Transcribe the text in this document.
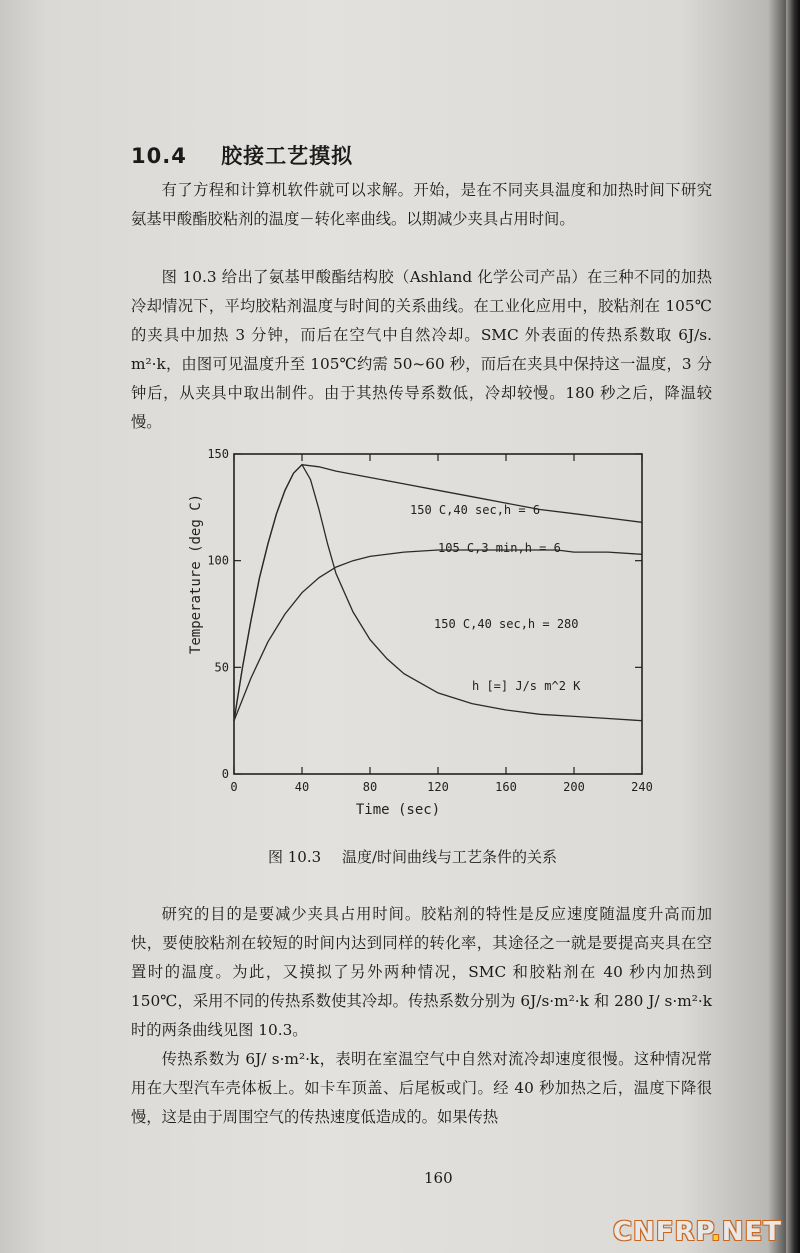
10.4 胶接工艺摸拟

有了方程和计算机软件就可以求解。开始，是在不同夹具温度和加热时间下研究氨基甲酸酯胶粘剂的温度－转化率曲线。以期减少夹具占用时间。

图 10.3 给出了氨基甲酸酯结构胶（Ashland 化学公司产品）在三种不同的加热冷却情况下，平均胶粘剂温度与时间的关系曲线。在工业化应用中，胶粘剂在 105℃的夹具中加热 3 分钟，而后在空气中自然冷却。SMC 外表面的传热系数取 6J/s. m²·k，由图可见温度升至 105℃约需 50~60 秒，而后在夹具中保持这一温度，3 分钟后，从夹具中取出制件。由于其热传导系数低，冷却较慢。180 秒之后，降温较慢。

0	40	80	120	160	200	240
0
50
100
150
Time (sec)
Temperature (deg C)	150 C,40 sec,h = 6
105 C,3 min,h = 6
150 C,40 sec,h = 280
h [=] J/s m^2 K
图 10.3 温度/时间曲线与工艺条件的关系

研究的目的是要减少夹具占用时间。胶粘剂的特性是反应速度随温度升高而加快，要使胶粘剂在较短的时间内达到同样的转化率，其途径之一就是要提高夹具在空置时的温度。为此，又摸拟了另外两种情况，SMC 和胶粘剂在 40 秒内加热到 150℃，采用不同的传热系数使其冷却。传热系数分别为 6J/s·m²·k 和 280 J/ s·m²·k 时的两条曲线见图 10.3。

传热系数为 6J/ s·m²·k，表明在室温空气中自然对流冷却速度很慢。这种情况常用在大型汽车壳体板上。如卡车顶盖、后尾板或门。经 40 秒加热之后，温度下降很慢，这是由于周围空气的传热速度低造成的。如果传热

160
CNFRP.NET
